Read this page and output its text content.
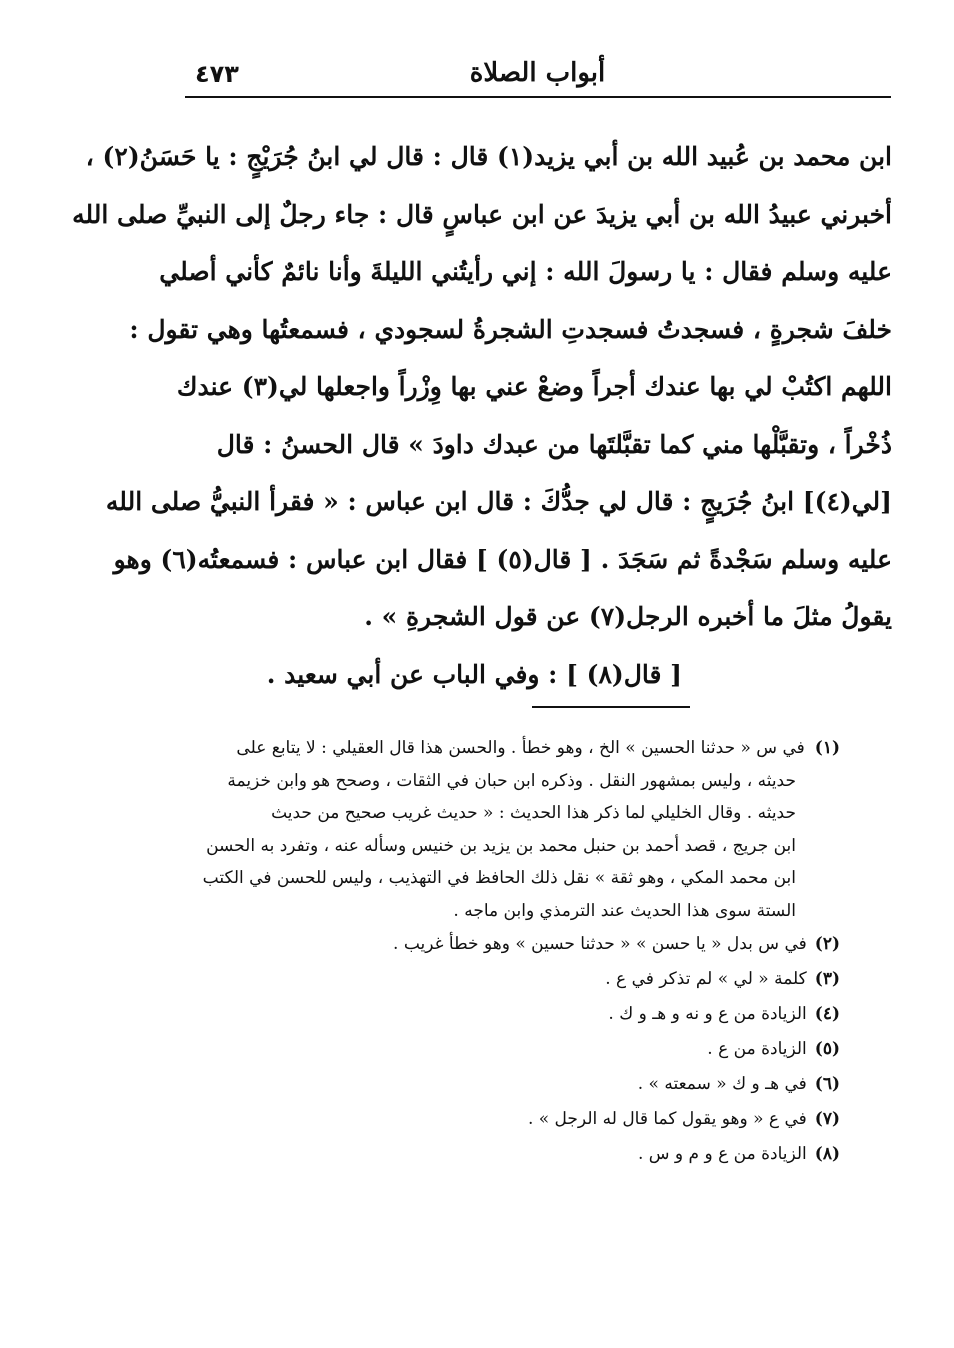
٤٧٣	أبواب الصلاة

ابن محمد بن عُبيد الله بن أبي يزيد(١) قال : قال لي ابنُ جُرَيْجٍ : يا حَسَنُ(٢) ،

أخبرني عبيدُ الله بن أبي يزيدَ عن ابن عباسٍ قال : جاء رجلٌ إلى النبيِّ صلى الله

عليه وسلم فقال : يا رسولَ الله : إني رأيتُني الليلةَ وأنا نائمٌ كأني أصلي

خلفَ شجرةٍ ، فسجدتُ فسجدتِ الشجرةُ لسجودي ، فسمعتُها وهي تقول :

اللهم اكتُبْ لي بها عندك أجراً وضعْ عني بها وِزْراً واجعلها لي(٣) عندك

ذُخْراً ، وتقبَّلْها مني كما تقبَّلتَها من عبدك داودَ » قال الحسنُ : قال

[لي(٤)] ابنُ جُرَيجٍ : قال لي جدُّكَ : قال ابن عباس : « فقرأ النبيُّ صلى الله

عليه وسلم سَجْدةً ثم سَجَدَ . [ قال(٥) ] فقال ابن عباس : فسمعتُه(٦) وهو

يقولُ مثلَ ما أخبره الرجل(٧) عن قول الشجرةِ » .

[ قال(٨) ] : وفي الباب عن أبي سعيد .

(١)في س « حدثنا الحسين » الخ ، وهو خطأ . والحسن هذا قال العقيلي : لا يتابع على

حديثه ، وليس بمشهور النقل . وذكره ابن حبان في الثقات ، وصحح هو وابن خزيمة

حديثه . وقال الخليلي لما ذكر هذا الحديث : « حديث غريب صحيح من حديث

ابن جريج ، قصد أحمد بن حنبل محمد بن يزيد بن خنيس وسأله عنه ، وتفرد به الحسن

ابن محمد المكي ، وهو ثقة » نقل ذلك الحافظ في التهذيب ، وليس للحسن في الكتب

الستة سوى هذا الحديث عند الترمذي وابن ماجه .

(٢)في س بدل « يا حسن » « حدثنا حسين » وهو خطأ غريب .

(٣)كلمة « لي » لم تذكر في ع .

(٤)الزيادة من ع و نه و هـ و ك .

(٥)الزيادة من ع .

(٦)في هـ و ك « سمعته » .

(٧)في ع « وهو يقول كما قال له الرجل » .

(٨)الزيادة من ع و م و س .
